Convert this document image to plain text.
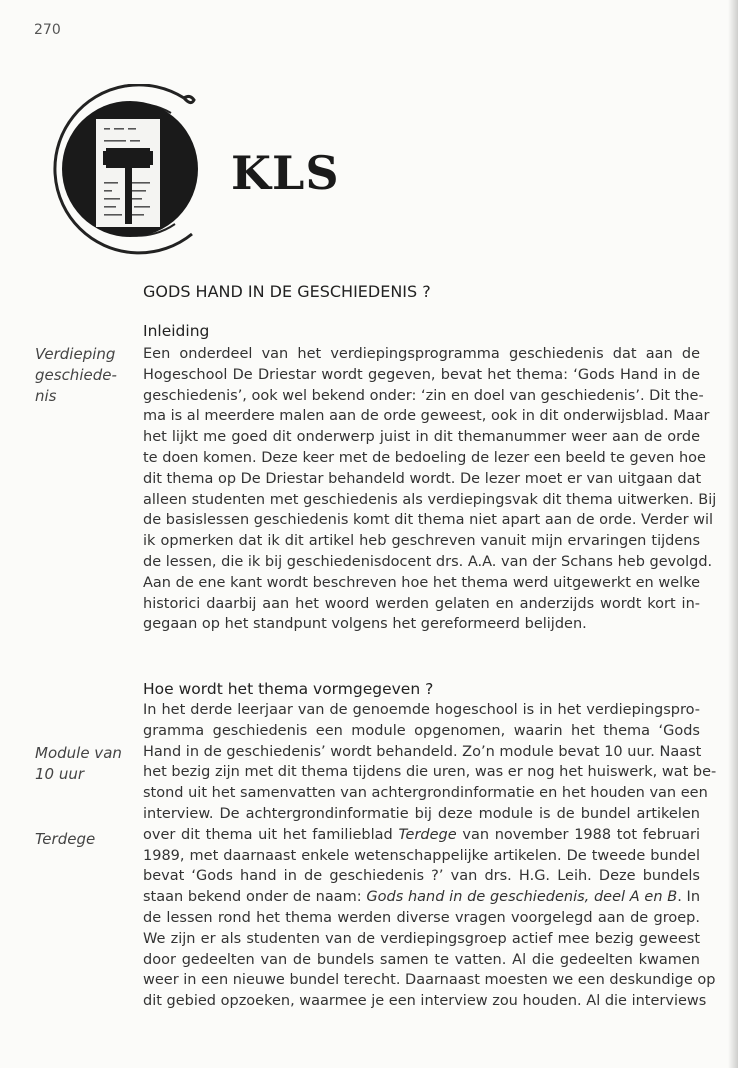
270
KLS
GODS HAND IN DE GESCHIEDENIS ?
Verdieping
geschiede-
nis
Inleiding
Een onderdeel van het verdiepingsprogramma geschiedenis dat aan de
Hogeschool De Driestar wordt gegeven, bevat het thema: ‘Gods Hand in de
geschiedenis’, ook wel bekend onder: ‘zin en doel van geschiedenis’. Dit the-
ma is al meerdere malen aan de orde geweest, ook in dit onderwijsblad. Maar
het lijkt me goed dit onderwerp juist in dit themanummer weer aan de orde
te doen komen. Deze keer met de bedoeling de lezer een beeld te geven hoe
dit thema op De Driestar behandeld wordt. De lezer moet er van uitgaan dat
alleen studenten met geschiedenis als verdiepingsvak dit thema uitwerken. Bij
de basislessen geschiedenis komt dit thema niet apart aan de orde. Verder wil
ik opmerken dat ik dit artikel heb geschreven vanuit mijn ervaringen tijdens
de lessen, die ik bij geschiedenisdocent drs. A.A. van der Schans heb gevolgd.
Aan de ene kant wordt beschreven hoe het thema werd uitgewerkt en welke
historici daarbij aan het woord werden gelaten en anderzijds wordt kort in-
gegaan op het standpunt volgens het gereformeerd belijden.
Hoe wordt het thema vormgegeven ?
Module van
10 uur
Terdege
In het derde leerjaar van de genoemde hogeschool is in het verdiepingspro-
gramma geschiedenis een module opgenomen, waarin het thema ‘Gods
Hand in de geschiedenis’ wordt behandeld. Zo’n module bevat 10 uur. Naast
het bezig zijn met dit thema tijdens die uren, was er nog het huiswerk, wat be-
stond uit het samenvatten van achtergrondinformatie en het houden van een
interview. De achtergrondinformatie bij deze module is de bundel artikelen
over dit thema uit het familieblad Terdege van november 1988 tot februari
1989, met daarnaast enkele wetenschappelijke artikelen. De tweede bundel
bevat ‘Gods hand in de geschiedenis ?’ van drs. H.G. Leih. Deze bundels
staan bekend onder de naam: Gods hand in de geschiedenis, deel A en B. In
de lessen rond het thema werden diverse vragen voorgelegd aan de groep.
We zijn er als studenten van de verdiepingsgroep actief mee bezig geweest
door gedeelten van de bundels samen te vatten. Al die gedeelten kwamen
weer in een nieuwe bundel terecht. Daarnaast moesten we een deskundige op
dit gebied opzoeken, waarmee je een interview zou houden. Al die interviews
